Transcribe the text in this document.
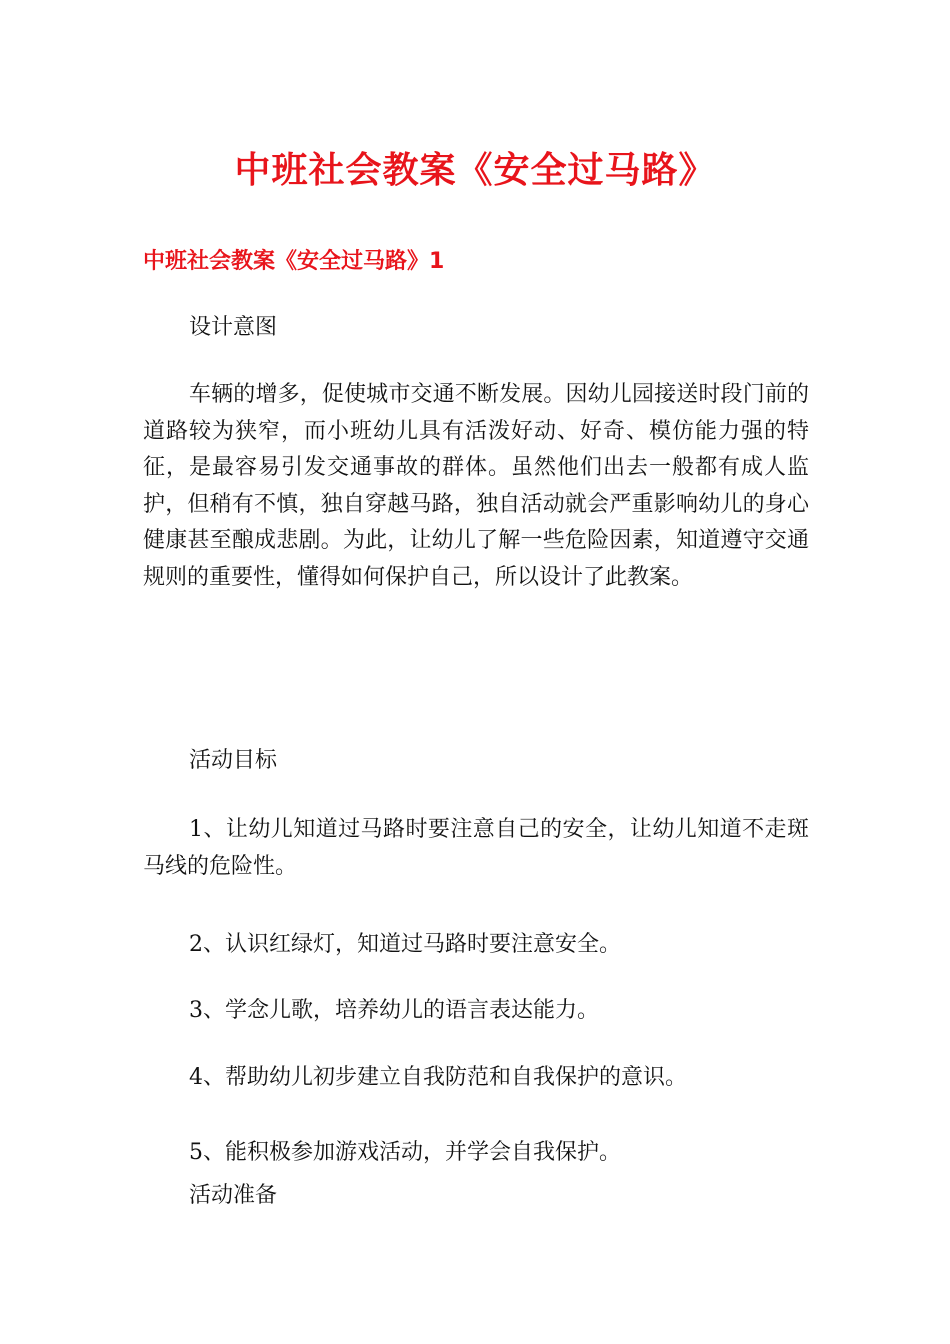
中班社会教案《安全过马路》
中班社会教案《安全过马路》1

设计意图

车辆的增多，促使城市交通不断发展。因幼儿园接送时段门前的道路较为狭窄，而小班幼儿具有活泼好动、好奇、模仿能力强的特征，是最容易引发交通事故的群体。虽然他们出去一般都有成人监护，但稍有不慎，独自穿越马路，独自活动就会严重影响幼儿的身心健康甚至酿成悲剧。为此，让幼儿了解一些危险因素，知道遵守交通规则的重要性，懂得如何保护自己，所以设计了此教案。

活动目标

1、让幼儿知道过马路时要注意自己的安全，让幼儿知道不走斑马线的危险性。

2、认识红绿灯，知道过马路时要注意安全。

3、学念儿歌，培养幼儿的语言表达能力。

4、帮助幼儿初步建立自我防范和自我保护的意识。

5、能积极参加游戏活动，并学会自我保护。

活动准备
